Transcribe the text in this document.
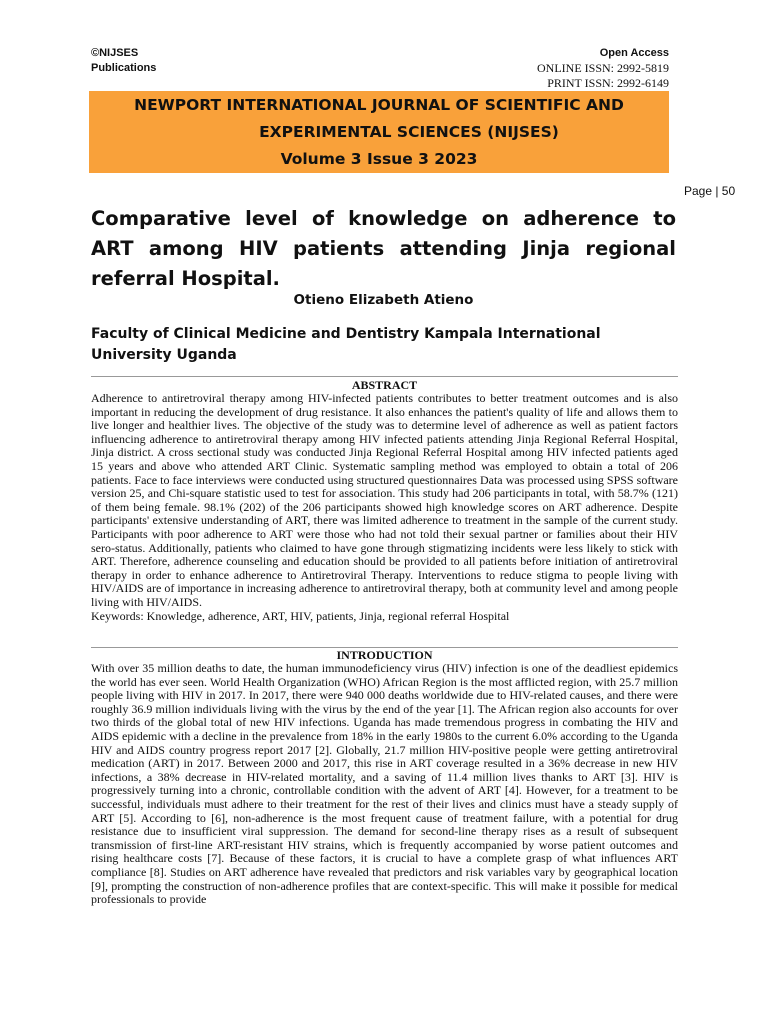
©NIJSES
Publications
Open Access
ONLINE ISSN: 2992-5819
PRINT ISSN: 2992-6149
NEWPORT INTERNATIONAL JOURNAL OF SCIENTIFIC AND
EXPERIMENTAL SCIENCES (NIJSES)
Volume 3 Issue 3 2023
Page | 50
Comparative level of knowledge on adherence to ART among HIV patients attending Jinja regional referral Hospital.
Otieno Elizabeth Atieno
Faculty of Clinical Medicine and Dentistry Kampala International University Uganda
ABSTRACT

Adherence to antiretroviral therapy among HIV-infected patients contributes to better treatment outcomes and is also important in reducing the development of drug resistance. It also enhances the patient's quality of life and allows them to live longer and healthier lives. The objective of the study was to determine level of adherence as well as patient factors influencing adherence to antiretroviral therapy among HIV infected patients attending Jinja Regional Referral Hospital, Jinja district. A cross sectional study was conducted Jinja Regional Referral Hospital among HIV infected patients aged 15 years and above who attended ART Clinic. Systematic sampling method was employed to obtain a total of 206 patients. Face to face interviews were conducted using structured questionnaires Data was processed using SPSS software version 25, and Chi-square statistic used to test for association. This study had 206 participants in total, with 58.7% (121) of them being female. 98.1% (202) of the 206 participants showed high knowledge scores on ART adherence. Despite participants' extensive understanding of ART, there was limited adherence to treatment in the sample of the current study. Participants with poor adherence to ART were those who had not told their sexual partner or families about their HIV sero-status. Additionally, patients who claimed to have gone through stigmatizing incidents were less likely to stick with ART. Therefore, adherence counseling and education should be provided to all patients before initiation of antiretroviral therapy in order to enhance adherence to Antiretroviral Therapy. Interventions to reduce stigma to people living with HIV/AIDS are of importance in increasing adherence to antiretroviral therapy, both at community level and among people living with HIV/AIDS.

Keywords: Knowledge, adherence, ART, HIV, patients, Jinja, regional referral Hospital

INTRODUCTION

With over 35 million deaths to date, the human immunodeficiency virus (HIV) infection is one of the deadliest epidemics the world has ever seen. World Health Organization (WHO) African Region is the most afflicted region, with 25.7 million people living with HIV in 2017. In 2017, there were 940 000 deaths worldwide due to HIV-related causes, and there were roughly 36.9 million individuals living with the virus by the end of the year [1]. The African region also accounts for over two thirds of the global total of new HIV infections. Uganda has made tremendous progress in combating the HIV and AIDS epidemic with a decline in the prevalence from 18% in the early 1980s to the current 6.0% according to the Uganda HIV and AIDS country progress report 2017 [2]. Globally, 21.7 million HIV-positive people were getting antiretroviral medication (ART) in 2017. Between 2000 and 2017, this rise in ART coverage resulted in a 36% decrease in new HIV infections, a 38% decrease in HIV-related mortality, and a saving of 11.4 million lives thanks to ART [3]. HIV is progressively turning into a chronic, controllable condition with the advent of ART [4]. However, for a treatment to be successful, individuals must adhere to their treatment for the rest of their lives and clinics must have a steady supply of ART [5]. According to [6], non-adherence is the most frequent cause of treatment failure, with a potential for drug resistance due to insufficient viral suppression. The demand for second-line therapy rises as a result of subsequent transmission of first-line ART-resistant HIV strains, which is frequently accompanied by worse patient outcomes and rising healthcare costs [7]. Because of these factors, it is crucial to have a complete grasp of what influences ART compliance [8]. Studies on ART adherence have revealed that predictors and risk variables vary by geographical location [9], prompting the construction of non-adherence profiles that are context-specific. This will make it possible for medical professionals to provide
